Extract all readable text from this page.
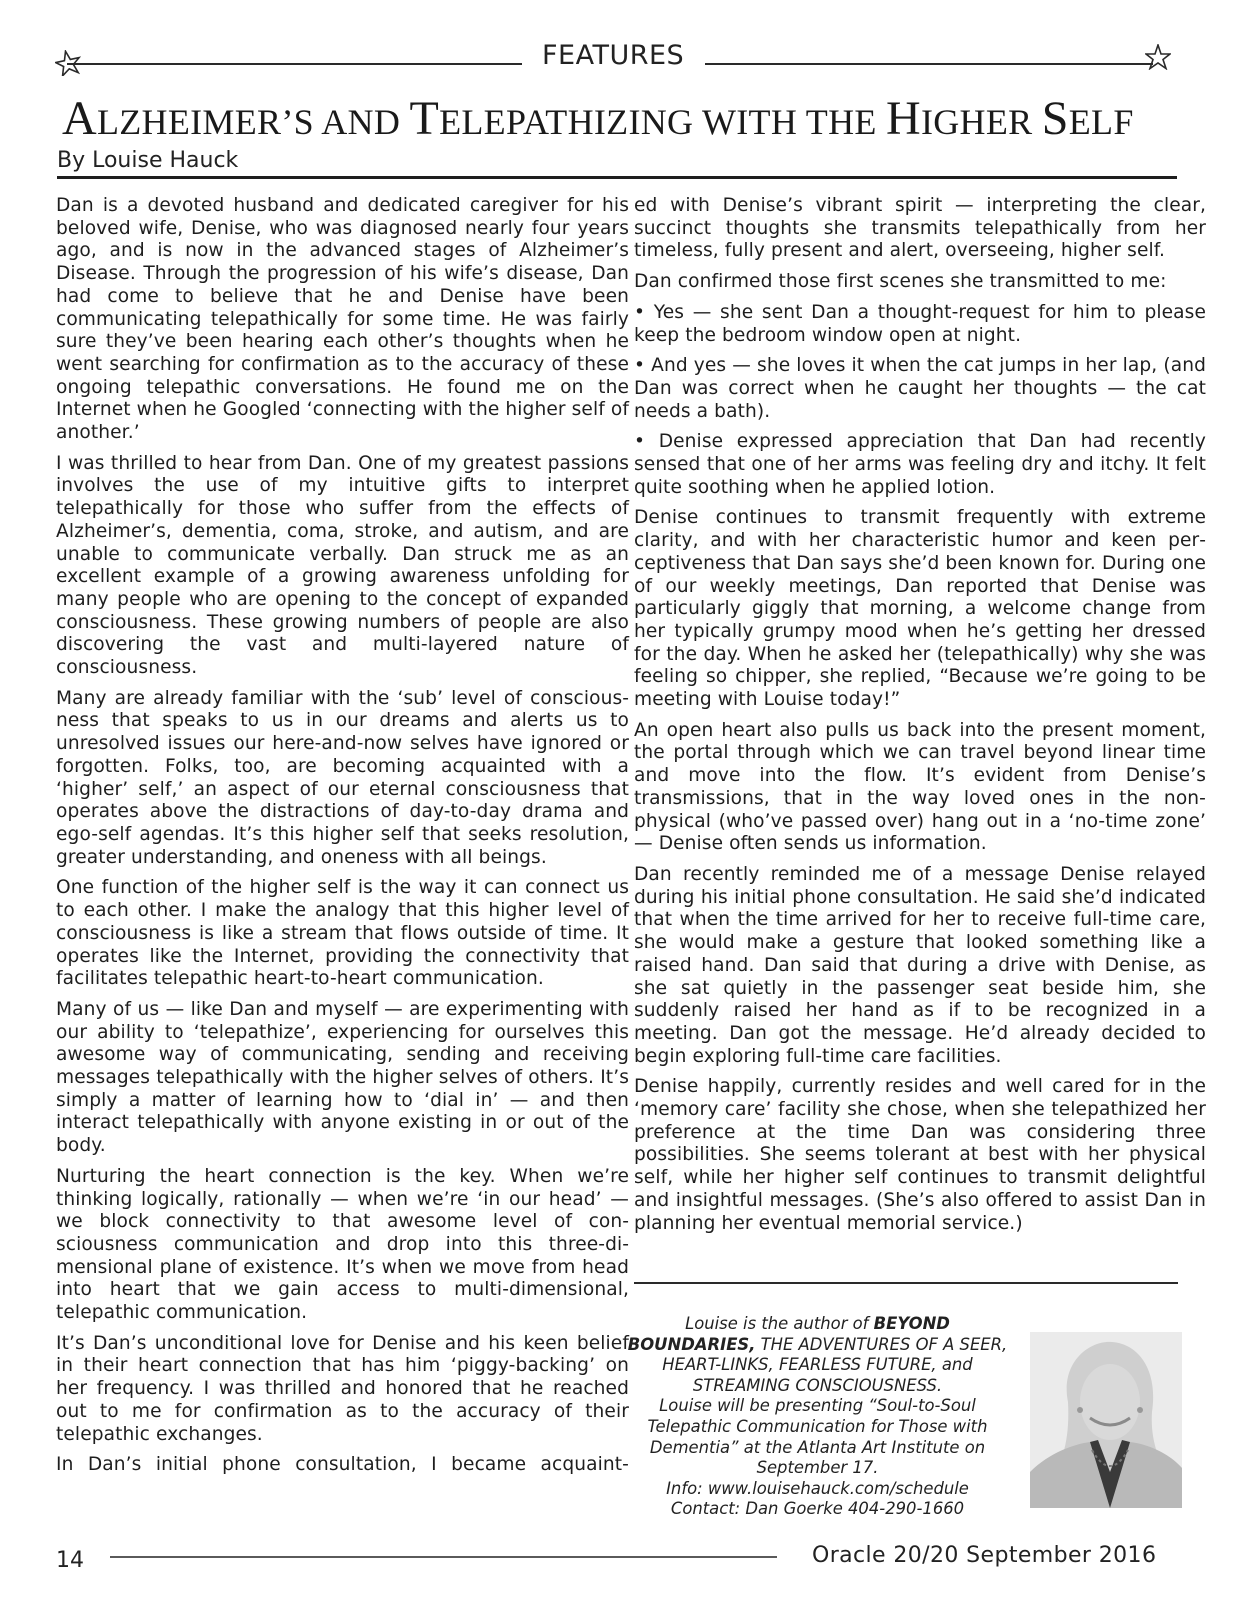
FEATURES
ALZHEIMER’S AND TELEPATHIZING WITH THE HIGHER SELF
By Louise Hauck

Dan is a devoted husband and dedicated caregiver for his beloved wife, Denise, who was diagnosed nearly four years ago, and is now in the advanced stages of Alzheimer’s Disease. Through the progression of his wife’s disease, Dan had come to believe that he and Denise have been communicating telepathically for some time. He was fairly sure they’ve been hearing each other’s thoughts when he went searching for confirmation as to the accuracy of these ongoing telepathic conversations. He found me on the Internet when he Googled ‘connecting with the higher self of another.’

I was thrilled to hear from Dan. One of my greatest passions involves the use of my intuitive gifts to interpret telepathically for those who suffer from the effects of Alzheimer’s, dementia, coma, stroke, and autism, and are unable to communicate verbally. Dan struck me as an excellent example of a growing awareness unfolding for many people who are opening to the concept of expanded consciousness. These growing numbers of people are also discovering the vast and multi-layered nature of consciousness.

Many are already familiar with the ‘sub’ level of consciousness that speaks to us in our dreams and alerts us to unresolved issues our here-and-now selves have ignored or forgotten. Folks, too, are becoming acquainted with a ‘higher’ self,’ an aspect of our eternal consciousness that operates above the distractions of day-to-day drama and ego-self agendas. It’s this higher self that seeks resolution, greater understanding, and oneness with all beings.

One function of the higher self is the way it can connect us to each other. I make the analogy that this higher level of consciousness is like a stream that flows outside of time. It operates like the Internet, providing the connectivity that facilitates telepathic heart-to-heart communication.

Many of us — like Dan and myself — are experimenting with our ability to ‘telepathize’, experiencing for ourselves this awesome way of communicating, sending and receiving messages telepathically with the higher selves of others. It’s simply a matter of learning how to ‘dial in’ — and then interact telepathically with anyone existing in or out of the body.

Nurturing the heart connection is the key. When we’re thinking logically, rationally — when we’re ‘in our head’ — we block connectivity to that awesome level of consciousness communication and drop into this three-dimensional plane of existence. It’s when we move from head into heart that we gain access to multi-dimensional, telepathic communication.

It’s Dan’s unconditional love for Denise and his keen belief in their heart connection that has him ‘piggy-backing’ on her frequency. I was thrilled and honored that he reached out to me for confirmation as to the accuracy of their telepathic exchanges.

In Dan’s initial phone consultation, I became acquaint-

ed with Denise’s vibrant spirit — interpreting the clear, succinct thoughts she transmits telepathically from her timeless, fully present and alert, overseeing, higher self.

Dan confirmed those first scenes she transmitted to me:

• Yes — she sent Dan a thought-request for him to please keep the bedroom window open at night.

• And yes — she loves it when the cat jumps in her lap, (and Dan was correct when he caught her thoughts — the cat needs a bath).

• Denise expressed appreciation that Dan had recently sensed that one of her arms was feeling dry and itchy. It felt quite soothing when he applied lotion.

Denise continues to transmit frequently with extreme clarity, and with her characteristic humor and keen perceptiveness that Dan says she’d been known for. During one of our weekly meetings, Dan reported that Denise was particularly giggly that morning, a welcome change from her typically grumpy mood when he’s getting her dressed for the day. When he asked her (telepathically) why she was feeling so chipper, she replied, “Because we’re going to be meeting with Louise today!”

An open heart also pulls us back into the present moment, the portal through which we can travel beyond linear time and move into the flow. It’s evident from Denise’s transmissions, that in the way loved ones in the non-physical (who’ve passed over) hang out in a ‘no-time zone’ — Denise often sends us information.

Dan recently reminded me of a message Denise relayed during his initial phone consultation. He said she’d indicated that when the time arrived for her to receive full-time care, she would make a gesture that looked something like a raised hand. Dan said that during a drive with Denise, as she sat quietly in the passenger seat beside him, she suddenly raised her hand as if to be recognized in a meeting. Dan got the message. He’d already decided to begin exploring full-time care facilities.

Denise happily, currently resides and well cared for in the ‘memory care’ facility she chose, when she telepathized her preference at the time Dan was considering three possibilities. She seems tolerant at best with her physical self, while her higher self continues to transmit delightful and insightful messages. (She’s also offered to assist Dan in planning her eventual memorial service.)

Louise is the author of BEYOND BOUNDARIES, THE ADVENTURES OF A SEER, HEART-LINKS, FEARLESS FUTURE, and STREAMING CONSCIOUSNESS.

Louise will be presenting “Soul-to-Soul Telepathic Communication for Those with Dementia” at the Atlanta Art Institute on September 17.

Info: www.louisehauck.com/schedule

Contact: Dan Goerke 404-290-1660

14	Oracle 20/20 September 2016
